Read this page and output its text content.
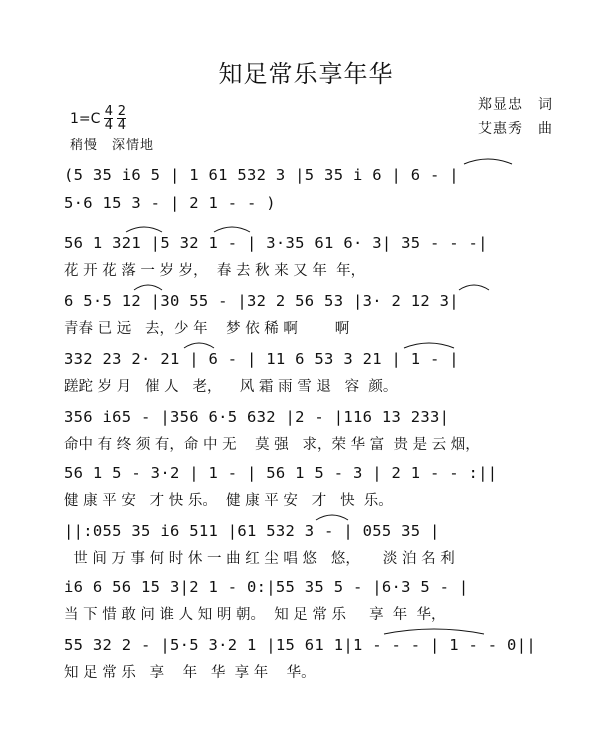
知足常乐享年华
郑显忠　词
艾惠秀　曲
1=C 4
4
2
4
稍慢　深情地
(5 35 i6 5 | 1 61 532 3 |5 35 i 6 | 6 - |
5·6 15 3 - | 2 1 - - )
56 1 321 |5 32 1 - | 3·35 61 6· 3| 35 - - -|
花 开 花 落 一 岁 岁，  春 去 秋 来 又 年  年，
6 5·5 12 |30 55 - |32 2 56 53 |3· 2 12 3|
青春 已 远   去，少 年    梦 依 稀 啊        啊
332 23 2· 21 | 6 - | 11 6 53 3 21 | 1 - |
蹉跎 岁 月   催 人   老，    风 霜 雨 雪 退   容  颜。
356 i65 - |356 6·5 632 |2 - |116 13 233|
命中 有 终 须 有，命 中 无    莫 强   求，荣 华 富  贵 是 云 烟，
56 1 5 - 3·2 | 1 - | 56 1 5 - 3 | 2 1 - - :||
健 康 平 安   才 快 乐。  健 康 平 安   才   快  乐。
||:055 35 i6 511 |61 532 3 - | 055 35 |
世 间 万 事 何 时 休 一 曲 红 尘 唱 悠   悠，     淡 泊 名 利
i6 6 56 15 3|2 1 - 0:|55 35 5 - |6·3 5 - |
当 下 惜 敢 问 谁 人 知 明 朝。  知 足 常 乐     享  年  华，
55 32 2 - |5·5 3·2 1 |15 61 1|1 - - - | 1 - - 0||
知 足 常 乐   享    年   华  享 年    华。
